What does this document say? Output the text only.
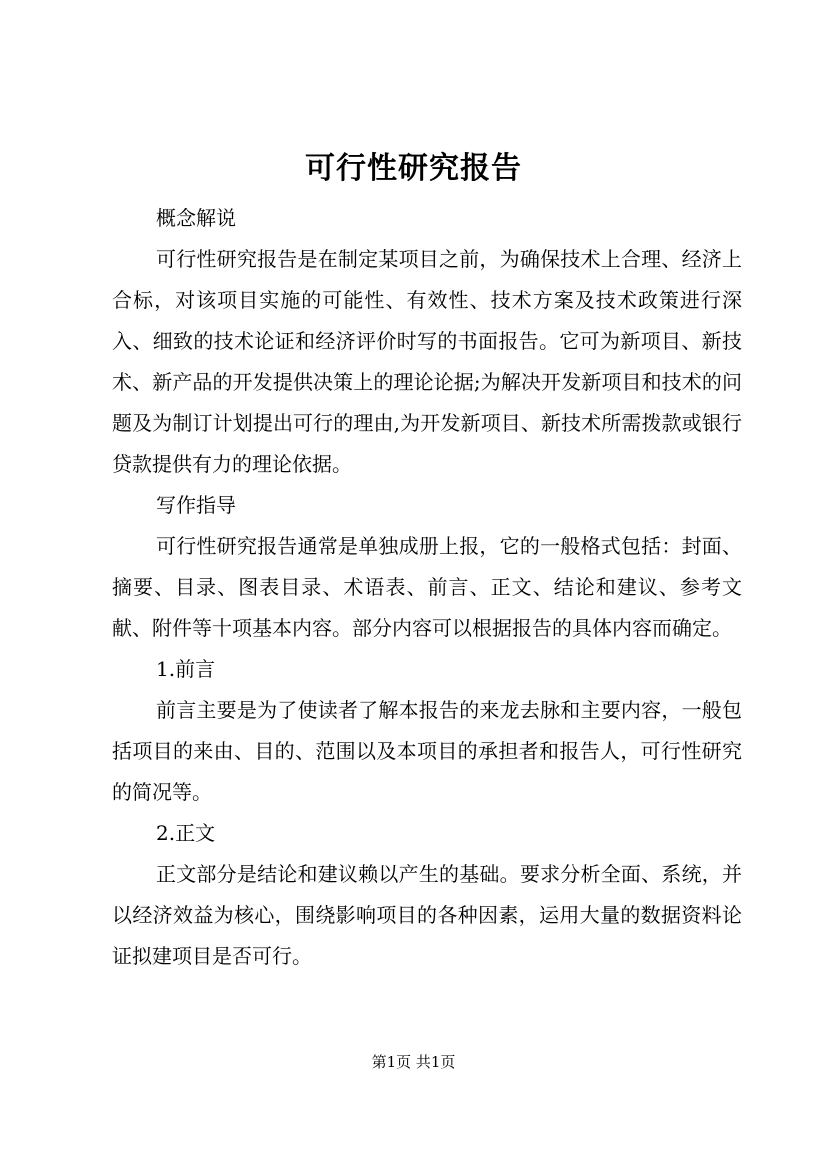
可行性研究报告

概念解说

可行性研究报告是在制定某项目之前，为确保技术上合理、经济上合标，对该项目实施的可能性、有效性、技术方案及技术政策进行深入、细致的技术论证和经济评价时写的书面报告。它可为新项目、新技术、新产品的开发提供决策上的理论论据;为解决开发新项目和技术的问题及为制订计划提出可行的理由,为开发新项目、新技术所需拨款或银行贷款提供有力的理论依据。

写作指导

可行性研究报告通常是单独成册上报，它的一般格式包括：封面、摘要、目录、图表目录、术语表、前言、正文、结论和建议、参考文献、附件等十项基本内容。部分内容可以根据报告的具体内容而确定。

1.前言

前言主要是为了使读者了解本报告的来龙去脉和主要内容，一般包括项目的来由、目的、范围以及本项目的承担者和报告人，可行性研究的简况等。

2.正文

正文部分是结论和建议赖以产生的基础。要求分析全面、系统，并以经济效益为核心，围绕影响项目的各种因素，运用大量的数据资料论证拟建项目是否可行。

第1页 共1页
